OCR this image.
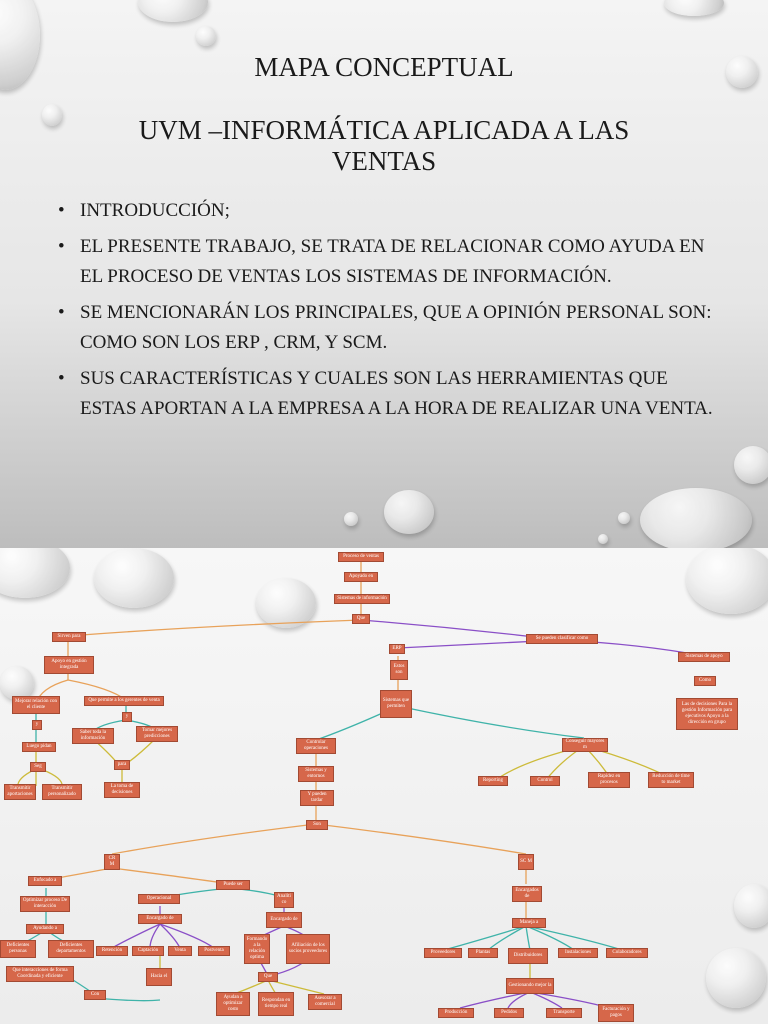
MAPA CONCEPTUAL
UVM –INFORMÁTICA APLICADA A LAS VENTAS
• INTRODUCCIÓN;
• EL PRESENTE TRABAJO, SE TRATA DE RELACIONAR COMO AYUDA EN EL PROCESO DE VENTAS LOS SISTEMAS DE INFORMACIÓN.
• SE MENCIONARÁN LOS PRINCIPALES, QUE A OPINIÓN PERSONAL SON: COMO SON LOS ERP , CRM, Y SCM.
• SUS CARACTERÍSTICAS Y CUALES SON LAS HERRAMIENTAS QUE ESTAS APORTAN A LA EMPRESA A LA HORA DE REALIZAR UNA VENTA.
Proceso de ventas
Apoyado en
Sistemas de información
Que
Sirven para	Se pueden clasificar como
ERP
Sistemas de apoyo
Apoyo en gestión integrada	Estos son
Como
Mejorar relación con el cliente
Que permite a los gerentes de venta	Sistemas que permiten	Las de decisiones Para la gestión Información para ejecutivos Apoyo a la dirección en grupo
y
y
Saber toda la información
Tomar mejores predicciones
Luego pidan
Controlar operaciones
Conseguir mayores m
Seg	para
Sistemas y entornos
Transmitir aportaciones
Transmitir personalizado
La toma de decisiones
Reporting	Control
Rapidez en procesos
Reducción de time to market
Y pueden tardar
Son
CR M
SC M
Enfocado a
Puede ser
Encargados de
Optimizar proceso De interacción
Operacional	Analíti co
Encargado de	Encargado de
Maneja a
Ayudando a
Deficientes personas
Deficientes departamentos	Retención	Captación	Venta	Postventa
Formando a la relación optima
Afiliación de los socios proveedores	Proveedores	Plantas
Distribuidores
Instalaciones	Colaboradores
Que interacciones de forma Coordinada y eficiente	Hacia el	Que
Gestionando mejor la
Con
Ayudan a optimizar costo
Respondan en tiempo real
Asesorar a comercial
Producción	Pedidos	Transporte
Facturación y pagos
